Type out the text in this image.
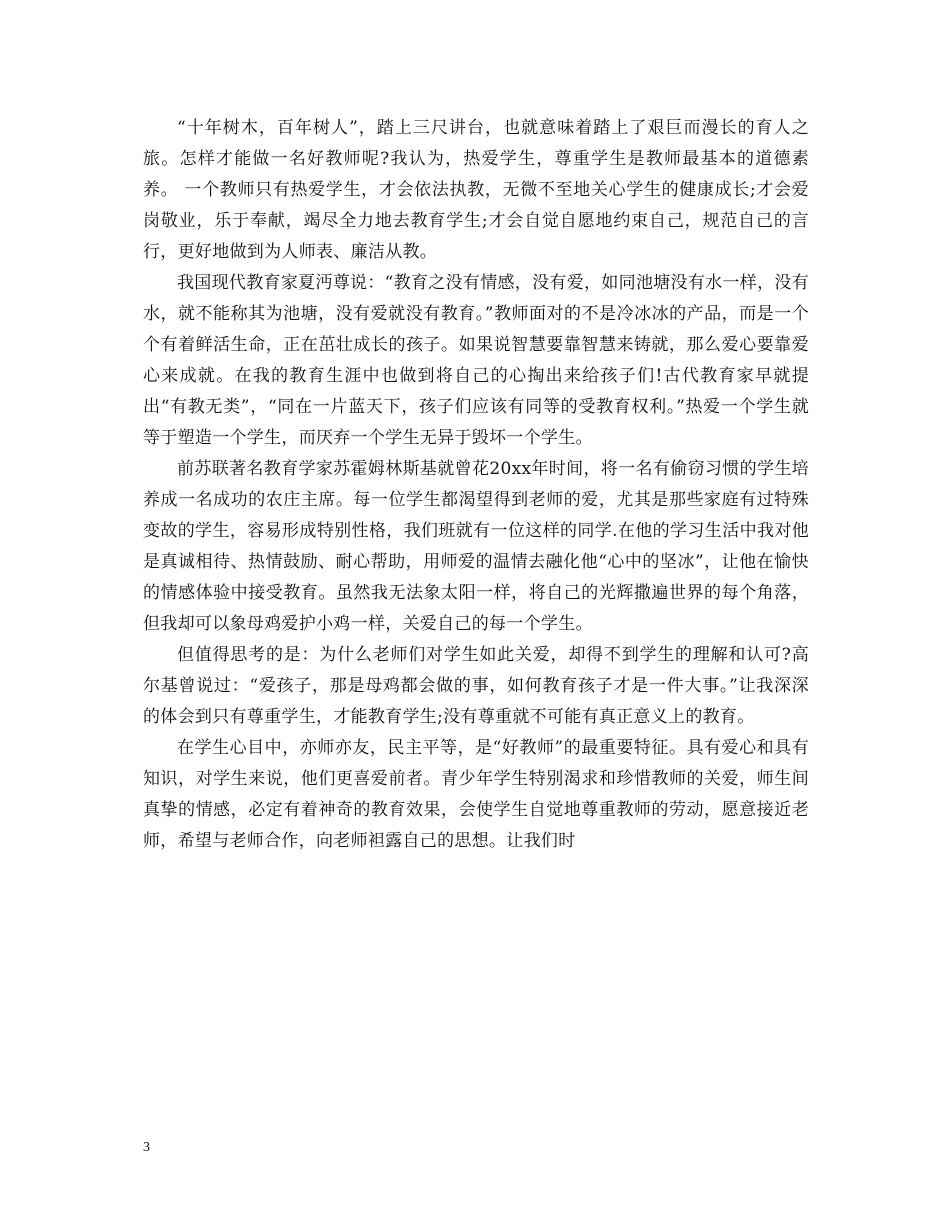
“十年树木，百年树人”，踏上三尺讲台，也就意味着踏上了艰巨而漫长的育人之旅。怎样才能做一名好教师呢?我认为，热爱学生，尊重学生是教师最基本的道德素养。 一个教师只有热爱学生，才会依法执教，无微不至地关心学生的健康成长;才会爱岗敬业，乐于奉献，竭尽全力地去教育学生;才会自觉自愿地约束自己，规范自己的言行，更好地做到为人师表、廉洁从教。

我国现代教育家夏沔尊说：“教育之没有情感，没有爱，如同池塘没有水一样，没有水，就不能称其为池塘，没有爱就没有教育。”教师面对的不是冷冰冰的产品，而是一个个有着鲜活生命，正在茁壮成长的孩子。如果说智慧要靠智慧来铸就，那么爱心要靠爱心来成就。在我的教育生涯中也做到将自己的心掏出来给孩子们!古代教育家早就提出“有教无类”，“同在一片蓝天下，孩子们应该有同等的受教育权利。”热爱一个学生就等于塑造一个学生，而厌弃一个学生无异于毁坏一个学生。

前苏联著名教育学家苏霍姆林斯基就曾花20xx年时间，将一名有偷窃习惯的学生培养成一名成功的农庄主席。每一位学生都渴望得到老师的爱，尤其是那些家庭有过特殊变故的学生，容易形成特别性格，我们班就有一位这样的同学.在他的学习生活中我对他是真诚相待、热情鼓励、耐心帮助，用师爱的温情去融化他“心中的坚冰”，让他在愉快的情感体验中接受教育。虽然我无法象太阳一样，将自己的光辉撒遍世界的每个角落，但我却可以象母鸡爱护小鸡一样，关爱自己的每一个学生。

但值得思考的是：为什么老师们对学生如此关爱，却得不到学生的理解和认可?高尔基曾说过：“爱孩子，那是母鸡都会做的事，如何教育孩子才是一件大事。”让我深深的体会到只有尊重学生，才能教育学生;没有尊重就不可能有真正意义上的教育。

在学生心目中，亦师亦友，民主平等，是“好教师”的最重要特征。具有爱心和具有知识，对学生来说，他们更喜爱前者。青少年学生特别渴求和珍惜教师的关爱，师生间真挚的情感，必定有着神奇的教育效果，会使学生自觉地尊重教师的劳动，愿意接近老师，希望与老师合作，向老师袒露自己的思想。让我们时

3
